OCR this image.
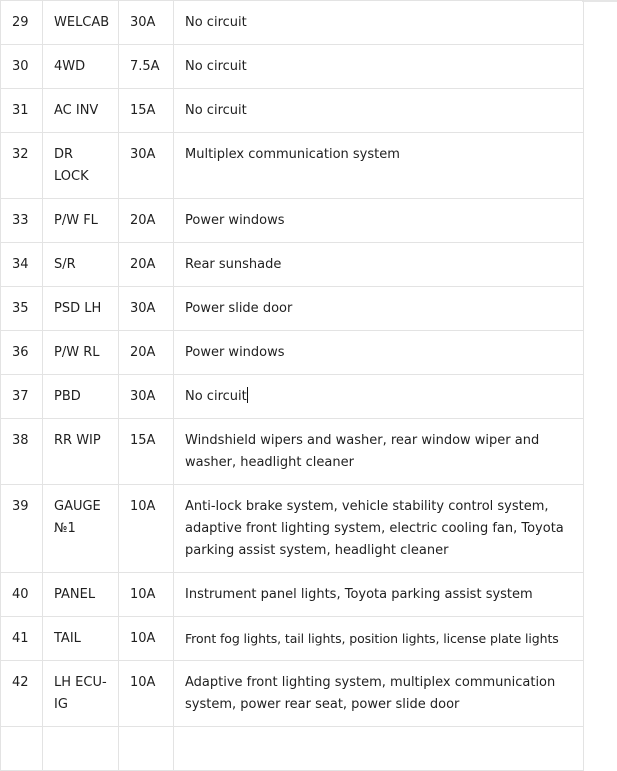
29	WELCAB	30A	No circuit
30	4WD	7.5A	No circuit
31	AC INV	15A	No circuit
32	DR LOCK	30A	Multiplex communication system
33	P/W FL	20A	Power windows
34	S/R	20A	Rear sunshade
35	PSD LH	30A	Power slide door
36	P/W RL	20A	Power windows
37	PBD	30A	No circuit
38	RR WIP	15A	Windshield wipers and washer, rear window wiper and washer, headlight cleaner
39	GAUGE №1	10A	Anti-lock brake system, vehicle stability control system, adaptive front lighting system, electric cooling fan, Toyota parking assist system, headlight cleaner
40	PANEL	10A	Instrument panel lights, Toyota parking assist system
41	TAIL	10A	Front fog lights, tail lights, position lights, license plate lights
42	LH ECU-IG	10A	Adaptive front lighting system, multiplex communication system, power rear seat, power slide door
